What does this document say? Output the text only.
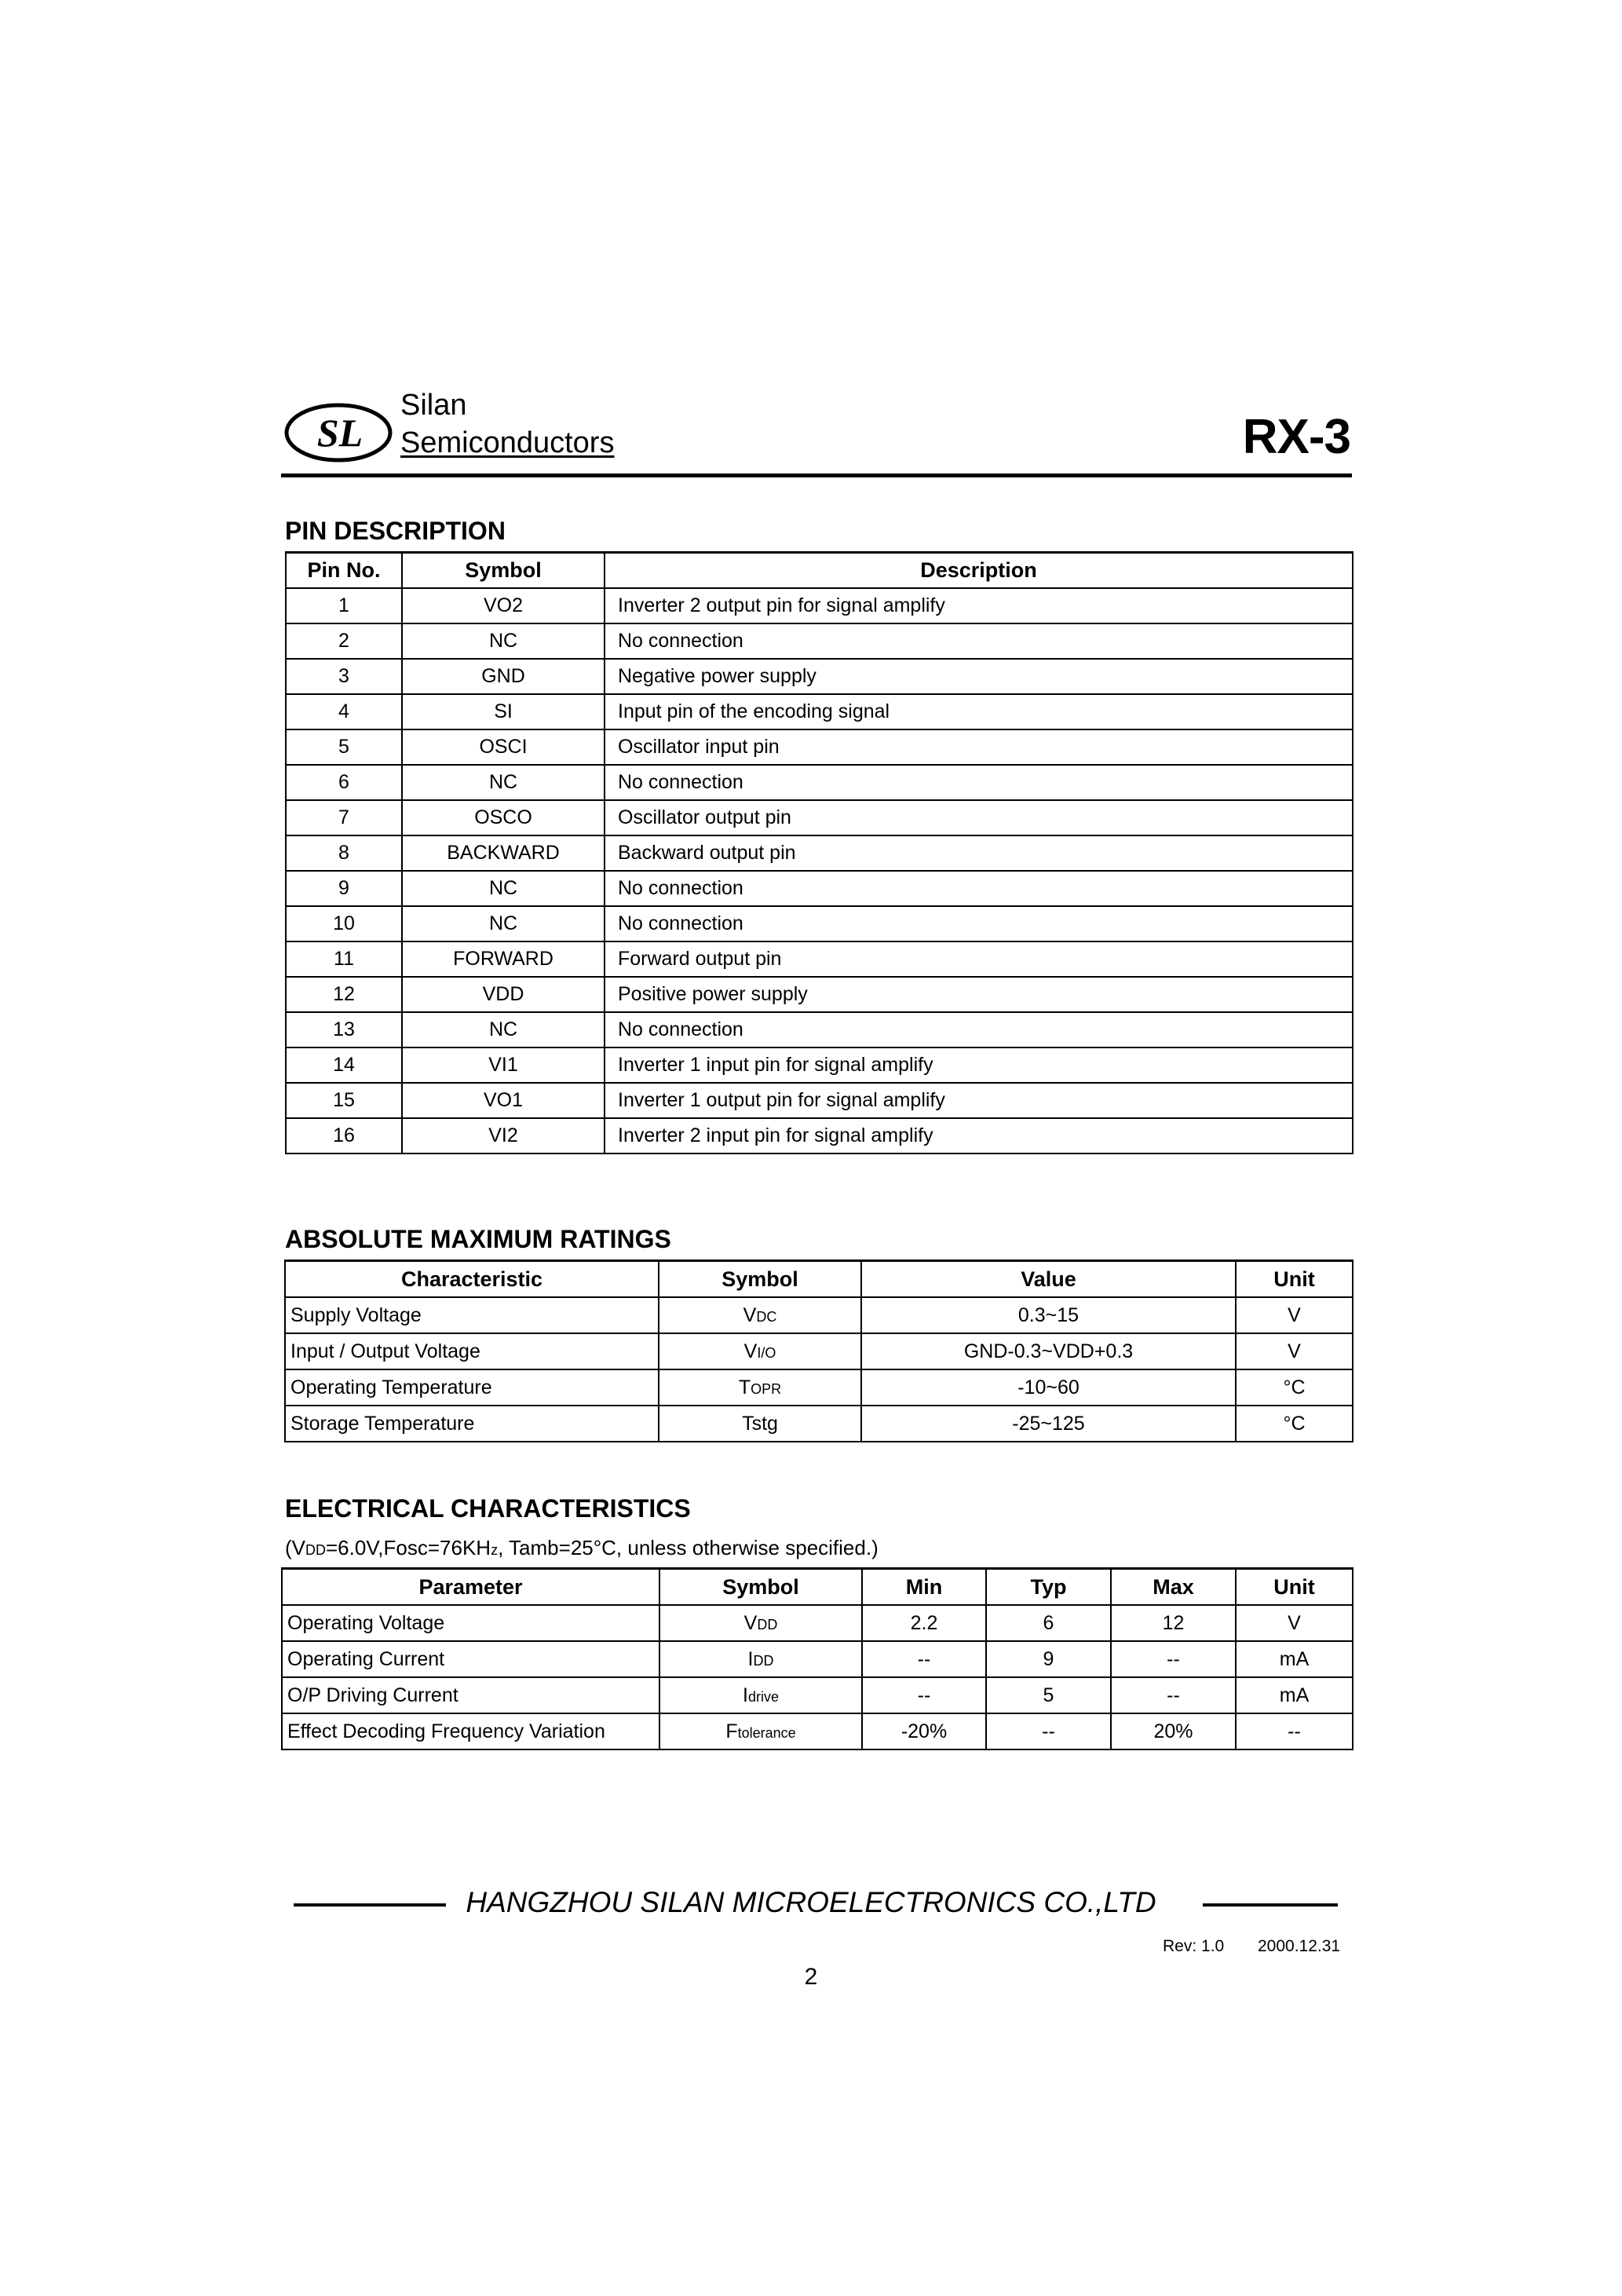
SL
Silan
Semiconductors	RX-3
PIN DESCRIPTION
Pin No.	Symbol	Description
1	VO2	Inverter 2 output pin for signal amplify
2	NC	No connection
3	GND	Negative power supply
4	SI	Input pin of the encoding signal
5	OSCI	Oscillator input pin
6	NC	No connection
7	OSCO	Oscillator output pin
8	BACKWARD	Backward output pin
9	NC	No connection
10	NC	No connection
11	FORWARD	Forward output pin
12	VDD	Positive power supply
13	NC	No connection
14	VI1	Inverter 1 input pin for signal amplify
15	VO1	Inverter 1 output pin for signal amplify
16	VI2	Inverter 2 input pin for signal amplify
ABSOLUTE MAXIMUM RATINGS
Characteristic	Symbol	Value	Unit
Supply Voltage	VDC	0.3~15	V
Input / Output Voltage	VI/O	GND-0.3~VDD+0.3	V
Operating Temperature	TOPR	-10~60	°C
Storage Temperature	Tstg	-25~125	°C
ELECTRICAL CHARACTERISTICS
(VDD=6.0V,Fosc=76KHz, Tamb=25°C, unless otherwise specified.)
Parameter	Symbol	Min	Typ	Max	Unit
Operating Voltage	VDD	2.2	6	12	V
Operating Current	IDD	--	9	--	mA
O/P Driving Current	Idrive	--	5	--	mA
Effect Decoding Frequency Variation	Ftolerance	-20%	--	20%	--
HANGZHOU SILAN MICROELECTRONICS CO.,LTD
Rev: 1.0 2000.12.31
2
